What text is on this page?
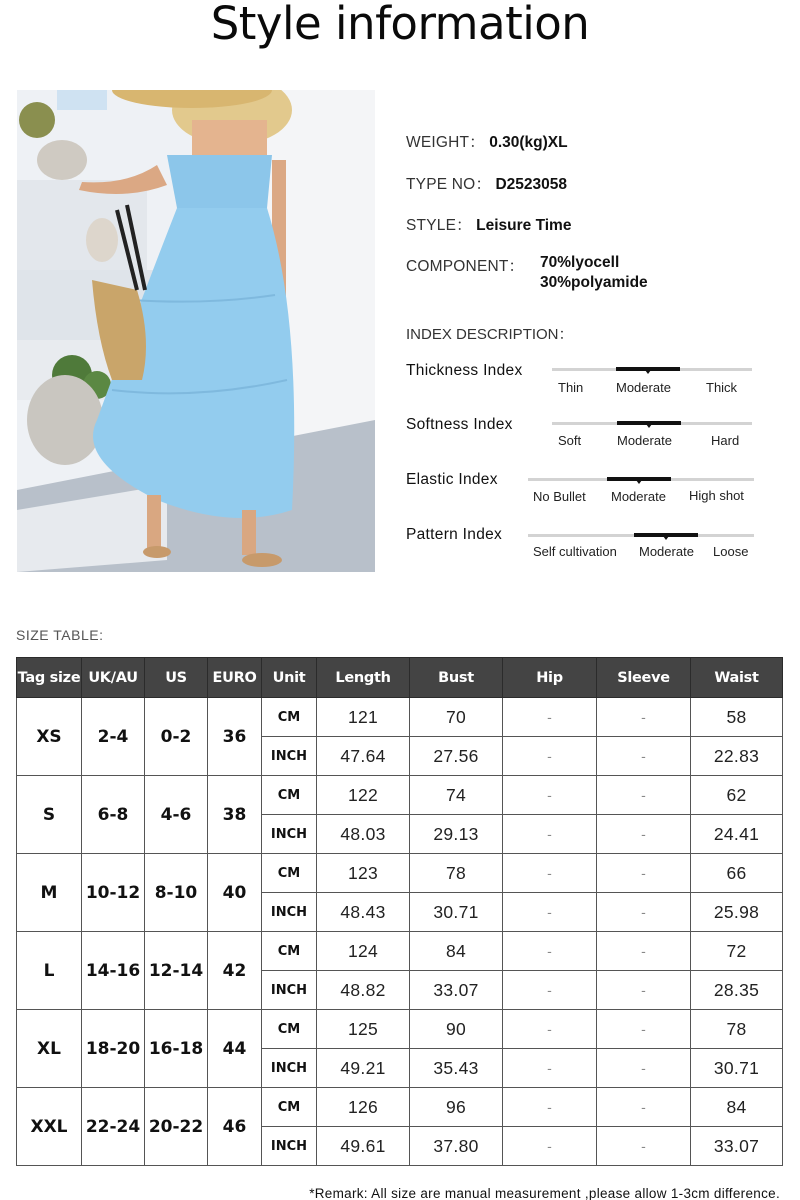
Style information
WEIGHT： 0.30(kg)XL
TYPE NO： D2523058
STYLE： Leisure Time
COMPONENT： 70%lyocell
30%polyamide
INDEX DESCRIPTION：
Thickness Index
Thin	Moderate	Thick
Softness Index
Soft	Moderate	Hard
Elastic Index
No Bullet Moderate High shot
Pattern Index
Self cultivation Moderate Loose
SIZE TABLE:
Tag size	UK/AU	US	EURO	Unit	Length	Bust	Hip	Sleeve	Waist
XS	2-4	0-2	36	CM	121	70	-	-	58
				INCH	47.64	27.56	-	-	22.83
S	6-8	4-6	38	CM	122	74	-	-	62
				INCH	48.03	29.13	-	-	24.41
M	10-12	8-10	40	CM	123	78	-	-	66
				INCH	48.43	30.71	-	-	25.98
L	14-16	12-14	42	CM	124	84	-	-	72
				INCH	48.82	33.07	-	-	28.35
XL	18-20	16-18	44	CM	125	90	-	-	78
				INCH	49.21	35.43	-	-	30.71
XXL	22-24	20-22	46	CM	126	96	-	-	84
				INCH	49.61	37.80	-	-	33.07
*Remark: All size are manual measurement ,please allow 1-3cm difference.
